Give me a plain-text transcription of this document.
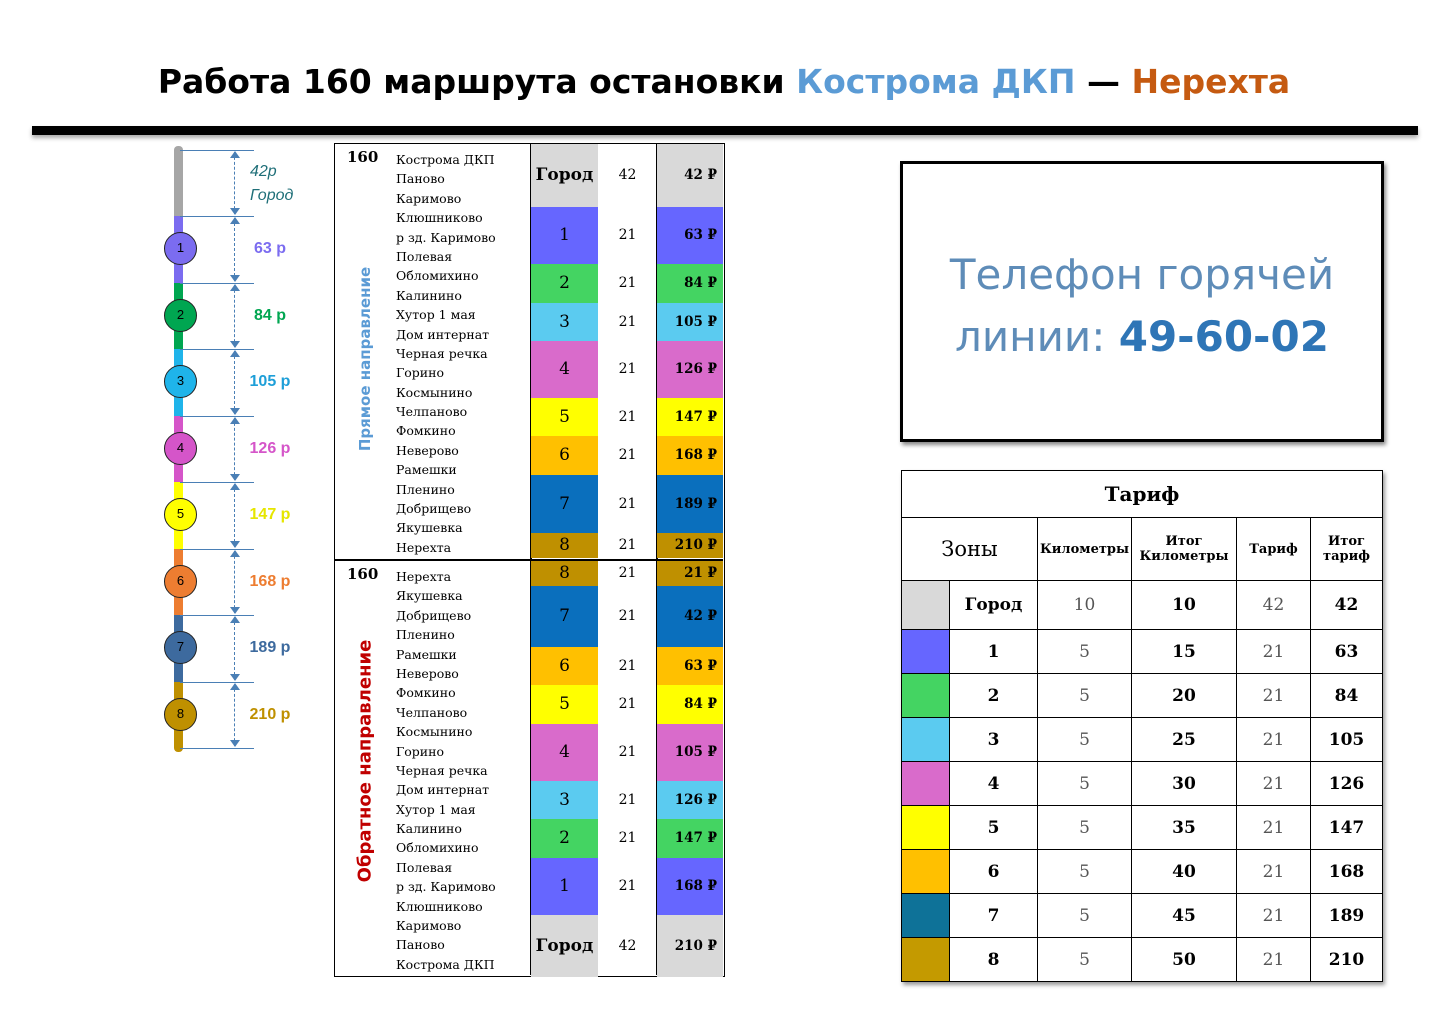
Работа 160 маршрута остановки Кострома ДКП — Нерехта
42р
Город
1	63 р
2	84 р
3	105 р
4	126 р
5	147 р
6	168 р
7	189 р
8	210 р
160
Прямое направление
Кострома ДКП
Паново
Каримово
Клюшниково
р зд. Каримово
Полевая
Обломихино
Калинино
Хутор 1 мая
Дом интернат
Черная речка
Горино
Космынино
Челпаново
Фомкино
Неверово
Рамешки
Пленино
Добрищево
Якушевка
Нерехта
Город	42	42 ₽
1	21	63 ₽
2	21	84 ₽
3	21	105 ₽
4	21	126 ₽
5	21	147 ₽
6	21	168 ₽
7	21	189 ₽
8	21	210 ₽
160
Обратное направление
Нерехта
Якушевка
Добрищево
Пленино
Рамешки
Неверово
Фомкино
Челпаново
Космынино
Горино
Черная речка
Дом интернат
Хутор 1 мая
Калинино
Обломихино
Полевая
р зд. Каримово
Клюшниково
Каримово
Паново
Кострома ДКП
8	21	21 ₽
7	21	42 ₽
6	21	63 ₽
5	21	84 ₽
4	21	105 ₽
3	21	126 ₽
2	21	147 ₽
1	21	168 ₽
Город	42	210 ₽
Телефон горячей
линии: 49-60-02
Тариф					
Зоны		Километры	Итог Километры	Тариф	Итог тариф
	Город	10	10	42	42
	1	5	15	21	63
	2	5	20	21	84
	3	5	25	21	105
	4	5	30	21	126
	5	5	35	21	147
	6	5	40	21	168
	7	5	45	21	189
	8	5	50	21	210
